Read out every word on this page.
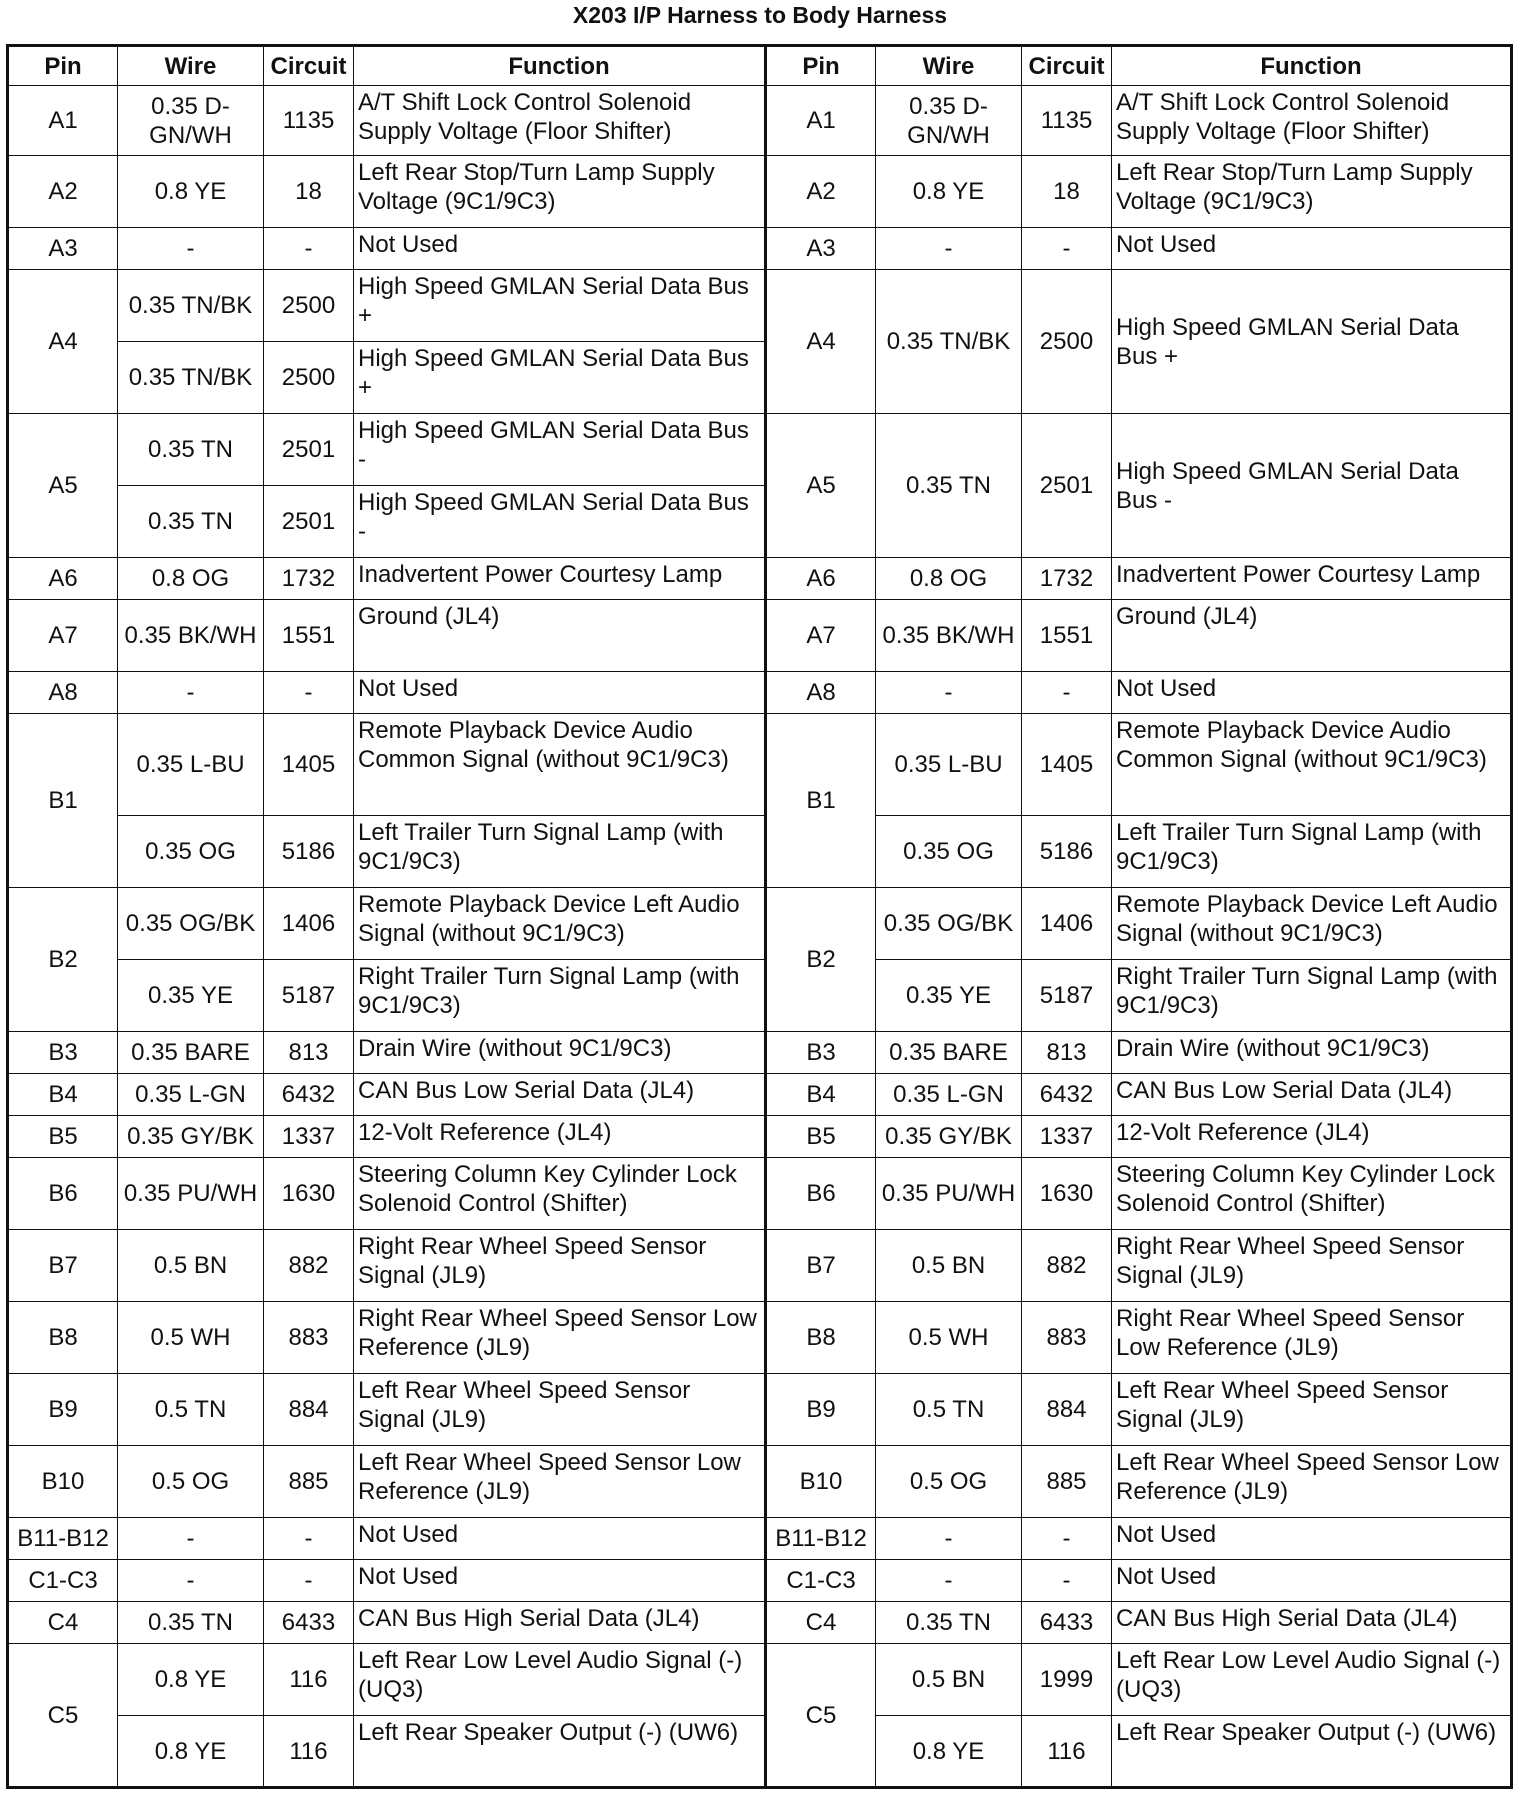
X203 I/P Harness to Body Harness
Pin	Wire	Circuit	Function	Pin	Wire	Circuit	Function
A1	0.35 D-GN/WH	1135	A/T Shift Lock Control Solenoid Supply Voltage (Floor Shifter)	A1	0.35 D-GN/WH	1135	A/T Shift Lock Control Solenoid Supply Voltage (Floor Shifter)
A2	0.8 YE	18	Left Rear Stop/Turn Lamp Supply Voltage (9C1/9C3)	A2	0.8 YE	18	Left Rear Stop/Turn Lamp Supply Voltage (9C1/9C3)
A3	-	-	Not Used	A3	-	-	Not Used
A4	0.35 TN/BK	2500	High Speed GMLAN Serial Data Bus +	A4	0.35 TN/BK	2500	High Speed GMLAN Serial Data Bus +
	0.35 TN/BK	2500	High Speed GMLAN Serial Data Bus +				
A5	0.35 TN	2501	High Speed GMLAN Serial Data Bus -	A5	0.35 TN	2501	High Speed GMLAN Serial Data Bus -
	0.35 TN	2501	High Speed GMLAN Serial Data Bus -				
A6	0.8 OG	1732	Inadvertent Power Courtesy Lamp	A6	0.8 OG	1732	Inadvertent Power Courtesy Lamp
A7	0.35 BK/WH	1551	Ground (JL4)	A7	0.35 BK/WH	1551	Ground (JL4)
A8	-	-	Not Used	A8	-	-	Not Used
B1	0.35 L-BU	1405	Remote Playback Device Audio Common Signal (without 9C1/9C3)	B1	0.35 L-BU	1405	Remote Playback Device Audio Common Signal (without 9C1/9C3)
	0.35 OG	5186	Left Trailer Turn Signal Lamp (with 9C1/9C3)		0.35 OG	5186	Left Trailer Turn Signal Lamp (with 9C1/9C3)
B2	0.35 OG/BK	1406	Remote Playback Device Left Audio Signal (without 9C1/9C3)	B2	0.35 OG/BK	1406	Remote Playback Device Left Audio Signal (without 9C1/9C3)
	0.35 YE	5187	Right Trailer Turn Signal Lamp (with 9C1/9C3)		0.35 YE	5187	Right Trailer Turn Signal Lamp (with 9C1/9C3)
B3	0.35 BARE	813	Drain Wire (without 9C1/9C3)	B3	0.35 BARE	813	Drain Wire (without 9C1/9C3)
B4	0.35 L-GN	6432	CAN Bus Low Serial Data (JL4)	B4	0.35 L-GN	6432	CAN Bus Low Serial Data (JL4)
B5	0.35 GY/BK	1337	12-Volt Reference (JL4)	B5	0.35 GY/BK	1337	12-Volt Reference (JL4)
B6	0.35 PU/WH	1630	Steering Column Key Cylinder Lock Solenoid Control (Shifter)	B6	0.35 PU/WH	1630	Steering Column Key Cylinder Lock Solenoid Control (Shifter)
B7	0.5 BN	882	Right Rear Wheel Speed Sensor Signal (JL9)	B7	0.5 BN	882	Right Rear Wheel Speed Sensor Signal (JL9)
B8	0.5 WH	883	Right Rear Wheel Speed Sensor Low Reference (JL9)	B8	0.5 WH	883	Right Rear Wheel Speed Sensor Low Reference (JL9)
B9	0.5 TN	884	Left Rear Wheel Speed Sensor Signal (JL9)	B9	0.5 TN	884	Left Rear Wheel Speed Sensor Signal (JL9)
B10	0.5 OG	885	Left Rear Wheel Speed Sensor Low Reference (JL9)	B10	0.5 OG	885	Left Rear Wheel Speed Sensor Low Reference (JL9)
B11-B12	-	-	Not Used	B11-B12	-	-	Not Used
C1-C3	-	-	Not Used	C1-C3	-	-	Not Used
C4	0.35 TN	6433	CAN Bus High Serial Data (JL4)	C4	0.35 TN	6433	CAN Bus High Serial Data (JL4)
C5	0.8 YE	116	Left Rear Low Level Audio Signal (-) (UQ3)	C5	0.5 BN	1999	Left Rear Low Level Audio Signal (-) (UQ3)
	0.8 YE	116	Left Rear Speaker Output (-) (UW6)		0.8 YE	116	Left Rear Speaker Output (-) (UW6)
